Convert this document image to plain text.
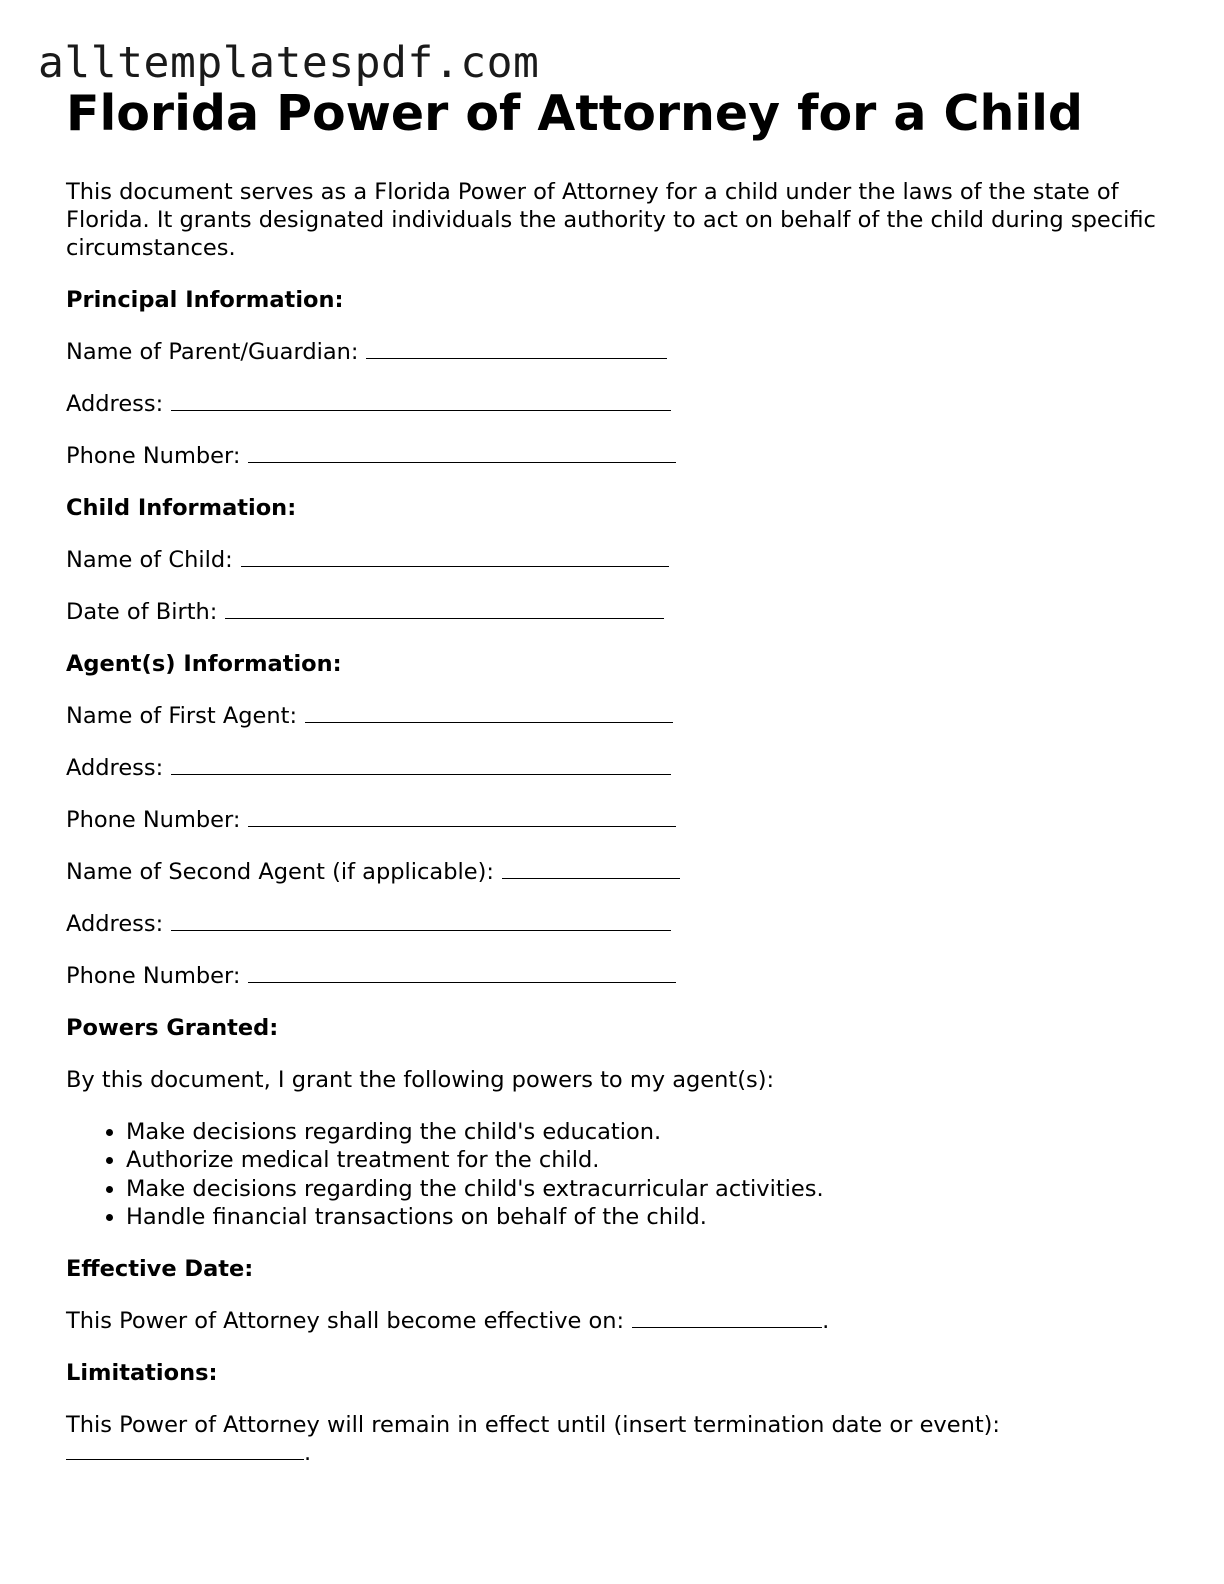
alltemplatespdf.com
Florida Power of Attorney for a Child

This document serves as a Florida Power of Attorney for a child under the laws of the state of Florida. It grants designated individuals the authority to act on behalf of the child during specific circumstances.

Principal Information:
Name of Parent/Guardian:
Address:
Phone Number:
Child Information:
Name of Child:
Date of Birth:
Agent(s) Information:
Name of First Agent:
Address:
Phone Number:
Name of Second Agent (if applicable):
Address:
Phone Number:
Powers Granted:

By this document, I grant the following powers to my agent(s):

• Make decisions regarding the child's education.
• Authorize medical treatment for the child.
• Make decisions regarding the child's extracurricular activities.
• Handle financial transactions on behalf of the child.
Effective Date:
This Power of Attorney shall become effective on:	.
Limitations:
This Power of Attorney will remain in effect until (insert termination date or event):
.
